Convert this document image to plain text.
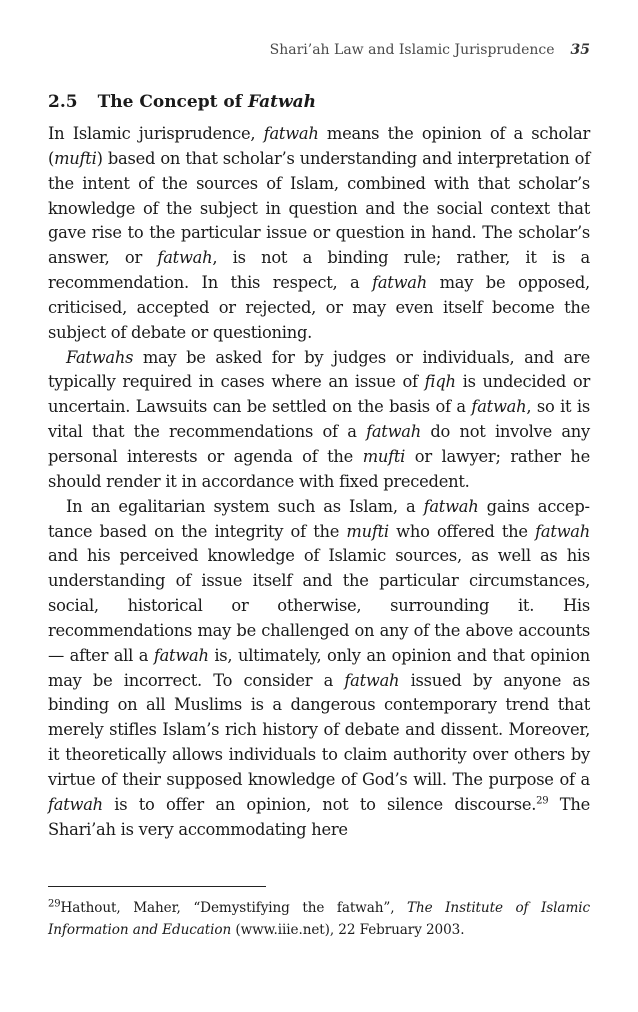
Shari’ah Law and Islamic Jurisprudence 35
2.5 The Concept of Fatwah

In Islamic jurisprudence, fatwah means the opinion of a scholar (mufti) based on that scholar’s understanding and interpretation of the intent of the sources of Islam, combined with that scholar’s knowledge of the subject in question and the social context that gave rise to the particular issue or question in hand. The scholar’s answer, or fatwah, is not a binding rule; rather, it is a recommendation. In this respect, a fatwah may be opposed, criticised, accepted or rejected, or may even itself become the subject of debate or questioning.

Fatwahs may be asked for by judges or individuals, and are typically required in cases where an issue of fiqh is undecided or uncertain. Lawsuits can be settled on the basis of a fatwah, so it is vital that the recommendations of a fatwah do not involve any personal interests or agenda of the mufti or lawyer; rather he should render it in accordance with fixed precedent.

In an egalitarian system such as Islam, a fatwah gains acceptance based on the integrity of the mufti who offered the fatwah and his perceived knowledge of Islamic sources, as well as his understanding of issue itself and the particular circumstances, social, historical or otherwise, surrounding it. His recommendations may be challenged on any of the above accounts — after all a fatwah is, ultimately, only an opinion and that opinion may be incorrect. To consider a fatwah issued by anyone as binding on all Muslims is a dangerous contemporary trend that merely stifles Islam’s rich history of debate and dissent. Moreover, it theoretically allows individuals to claim authority over others by virtue of their supposed knowledge of God’s will. The purpose of a fatwah is to offer an opinion, not to silence discourse.$^{29}$ The Shari’ah is very accommodating here

$^{29}$Hathout, Maher, “Demystifying the fatwah”, The Institute of Islamic Information and Education (www.iiie.net), 22 February 2003.
